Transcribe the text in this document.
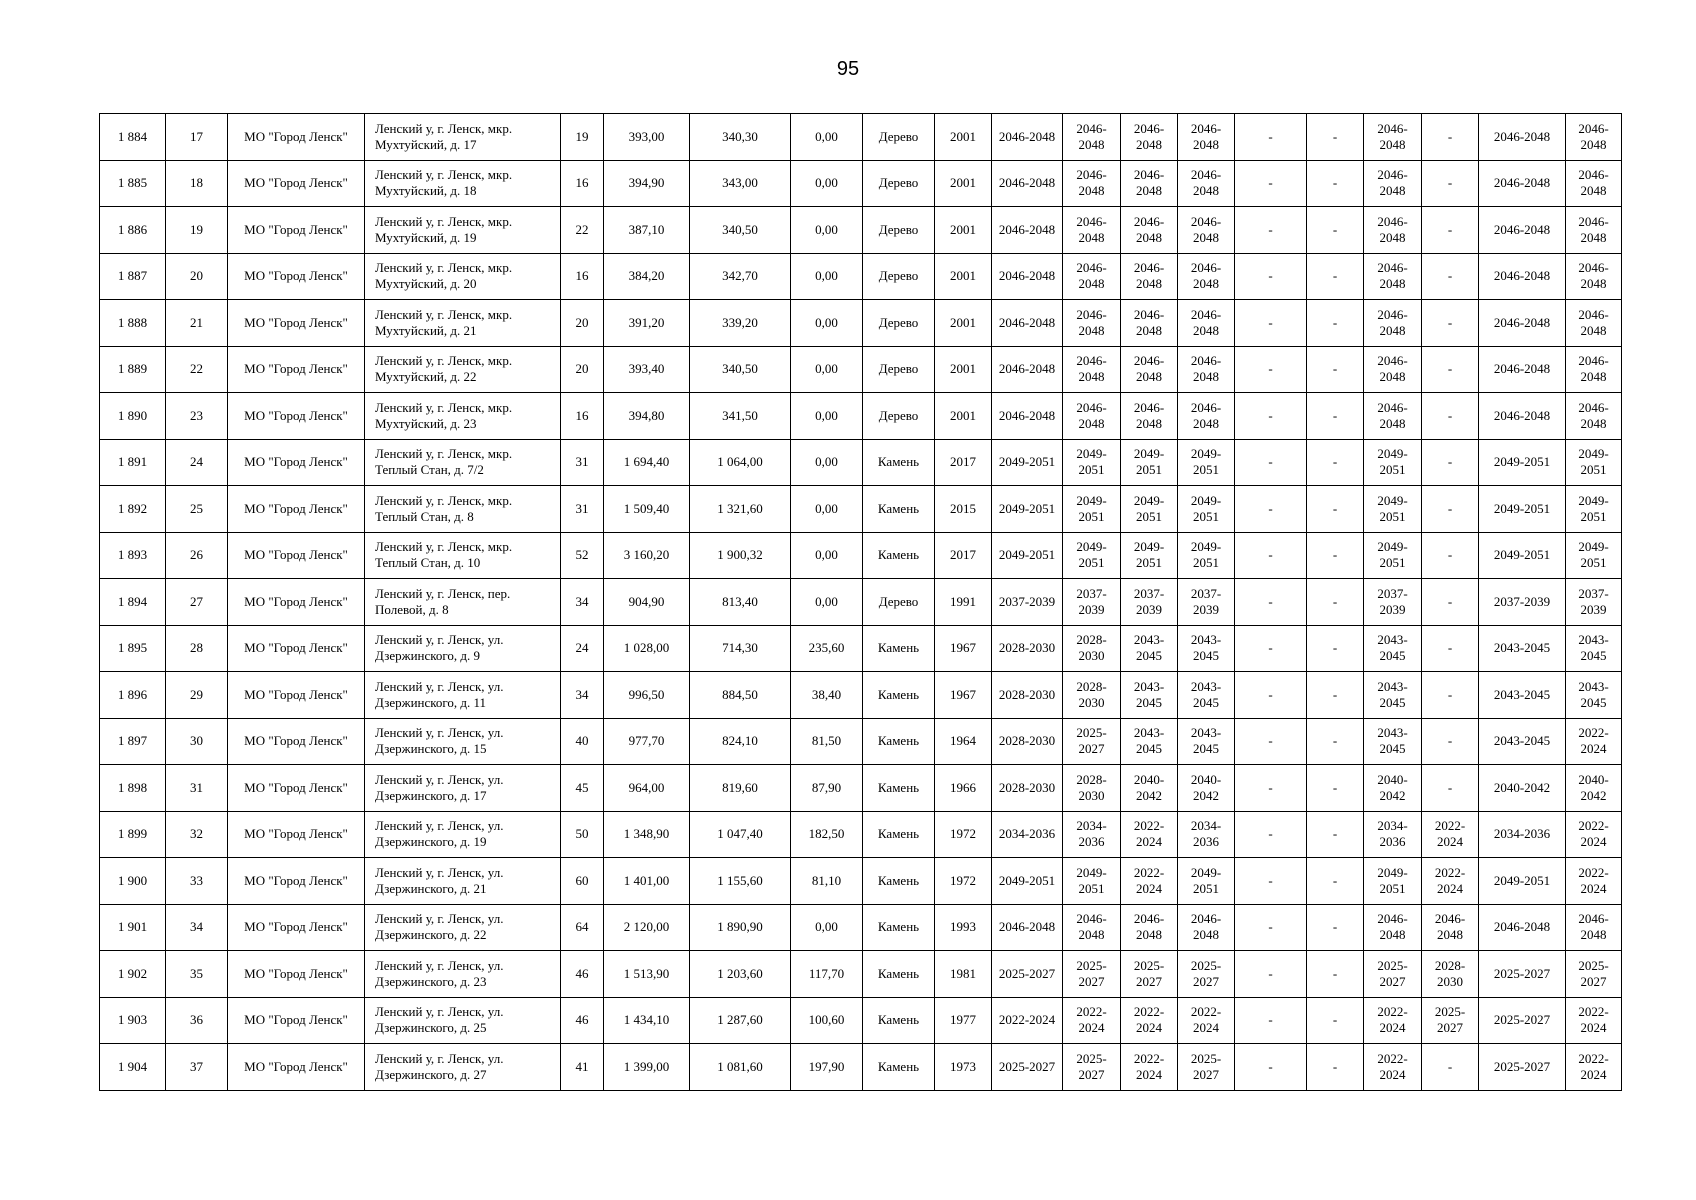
95
1 884	17	МО "Город Ленск"	Ленский у, г. Ленск, мкр. Мухтуйский, д. 17	19	393,00	340,30	0,00	Дерево	2001	2046-2048	2046-2048	2046-2048	2046-2048	-	-	2046-2048	-	2046-2048	2046-2048
1 885	18	МО "Город Ленск"	Ленский у, г. Ленск, мкр. Мухтуйский, д. 18	16	394,90	343,00	0,00	Дерево	2001	2046-2048	2046-2048	2046-2048	2046-2048	-	-	2046-2048	-	2046-2048	2046-2048
1 886	19	МО "Город Ленск"	Ленский у, г. Ленск, мкр. Мухтуйский, д. 19	22	387,10	340,50	0,00	Дерево	2001	2046-2048	2046-2048	2046-2048	2046-2048	-	-	2046-2048	-	2046-2048	2046-2048
1 887	20	МО "Город Ленск"	Ленский у, г. Ленск, мкр. Мухтуйский, д. 20	16	384,20	342,70	0,00	Дерево	2001	2046-2048	2046-2048	2046-2048	2046-2048	-	-	2046-2048	-	2046-2048	2046-2048
1 888	21	МО "Город Ленск"	Ленский у, г. Ленск, мкр. Мухтуйский, д. 21	20	391,20	339,20	0,00	Дерево	2001	2046-2048	2046-2048	2046-2048	2046-2048	-	-	2046-2048	-	2046-2048	2046-2048
1 889	22	МО "Город Ленск"	Ленский у, г. Ленск, мкр. Мухтуйский, д. 22	20	393,40	340,50	0,00	Дерево	2001	2046-2048	2046-2048	2046-2048	2046-2048	-	-	2046-2048	-	2046-2048	2046-2048
1 890	23	МО "Город Ленск"	Ленский у, г. Ленск, мкр. Мухтуйский, д. 23	16	394,80	341,50	0,00	Дерево	2001	2046-2048	2046-2048	2046-2048	2046-2048	-	-	2046-2048	-	2046-2048	2046-2048
1 891	24	МО "Город Ленск"	Ленский у, г. Ленск, мкр. Теплый Стан, д. 7/2	31	1 694,40	1 064,00	0,00	Камень	2017	2049-2051	2049-2051	2049-2051	2049-2051	-	-	2049-2051	-	2049-2051	2049-2051
1 892	25	МО "Город Ленск"	Ленский у, г. Ленск, мкр. Теплый Стан, д. 8	31	1 509,40	1 321,60	0,00	Камень	2015	2049-2051	2049-2051	2049-2051	2049-2051	-	-	2049-2051	-	2049-2051	2049-2051
1 893	26	МО "Город Ленск"	Ленский у, г. Ленск, мкр. Теплый Стан, д. 10	52	3 160,20	1 900,32	0,00	Камень	2017	2049-2051	2049-2051	2049-2051	2049-2051	-	-	2049-2051	-	2049-2051	2049-2051
1 894	27	МО "Город Ленск"	Ленский у, г. Ленск, пер. Полевой, д. 8	34	904,90	813,40	0,00	Дерево	1991	2037-2039	2037-2039	2037-2039	2037-2039	-	-	2037-2039	-	2037-2039	2037-2039
1 895	28	МО "Город Ленск"	Ленский у, г. Ленск, ул. Дзержинского, д. 9	24	1 028,00	714,30	235,60	Камень	1967	2028-2030	2028-2030	2043-2045	2043-2045	-	-	2043-2045	-	2043-2045	2043-2045
1 896	29	МО "Город Ленск"	Ленский у, г. Ленск, ул. Дзержинского, д. 11	34	996,50	884,50	38,40	Камень	1967	2028-2030	2028-2030	2043-2045	2043-2045	-	-	2043-2045	-	2043-2045	2043-2045
1 897	30	МО "Город Ленск"	Ленский у, г. Ленск, ул. Дзержинского, д. 15	40	977,70	824,10	81,50	Камень	1964	2028-2030	2025-2027	2043-2045	2043-2045	-	-	2043-2045	-	2043-2045	2022-2024
1 898	31	МО "Город Ленск"	Ленский у, г. Ленск, ул. Дзержинского, д. 17	45	964,00	819,60	87,90	Камень	1966	2028-2030	2028-2030	2040-2042	2040-2042	-	-	2040-2042	-	2040-2042	2040-2042
1 899	32	МО "Город Ленск"	Ленский у, г. Ленск, ул. Дзержинского, д. 19	50	1 348,90	1 047,40	182,50	Камень	1972	2034-2036	2034-2036	2022-2024	2034-2036	-	-	2034-2036	2022-2024	2034-2036	2022-2024
1 900	33	МО "Город Ленск"	Ленский у, г. Ленск, ул. Дзержинского, д. 21	60	1 401,00	1 155,60	81,10	Камень	1972	2049-2051	2049-2051	2022-2024	2049-2051	-	-	2049-2051	2022-2024	2049-2051	2022-2024
1 901	34	МО "Город Ленск"	Ленский у, г. Ленск, ул. Дзержинского, д. 22	64	2 120,00	1 890,90	0,00	Камень	1993	2046-2048	2046-2048	2046-2048	2046-2048	-	-	2046-2048	2046-2048	2046-2048	2046-2048
1 902	35	МО "Город Ленск"	Ленский у, г. Ленск, ул. Дзержинского, д. 23	46	1 513,90	1 203,60	117,70	Камень	1981	2025-2027	2025-2027	2025-2027	2025-2027	-	-	2025-2027	2028-2030	2025-2027	2025-2027
1 903	36	МО "Город Ленск"	Ленский у, г. Ленск, ул. Дзержинского, д. 25	46	1 434,10	1 287,60	100,60	Камень	1977	2022-2024	2022-2024	2022-2024	2022-2024	-	-	2022-2024	2025-2027	2025-2027	2022-2024
1 904	37	МО "Город Ленск"	Ленский у, г. Ленск, ул. Дзержинского, д. 27	41	1 399,00	1 081,60	197,90	Камень	1973	2025-2027	2025-2027	2022-2024	2025-2027	-	-	2022-2024	-	2025-2027	2022-2024
